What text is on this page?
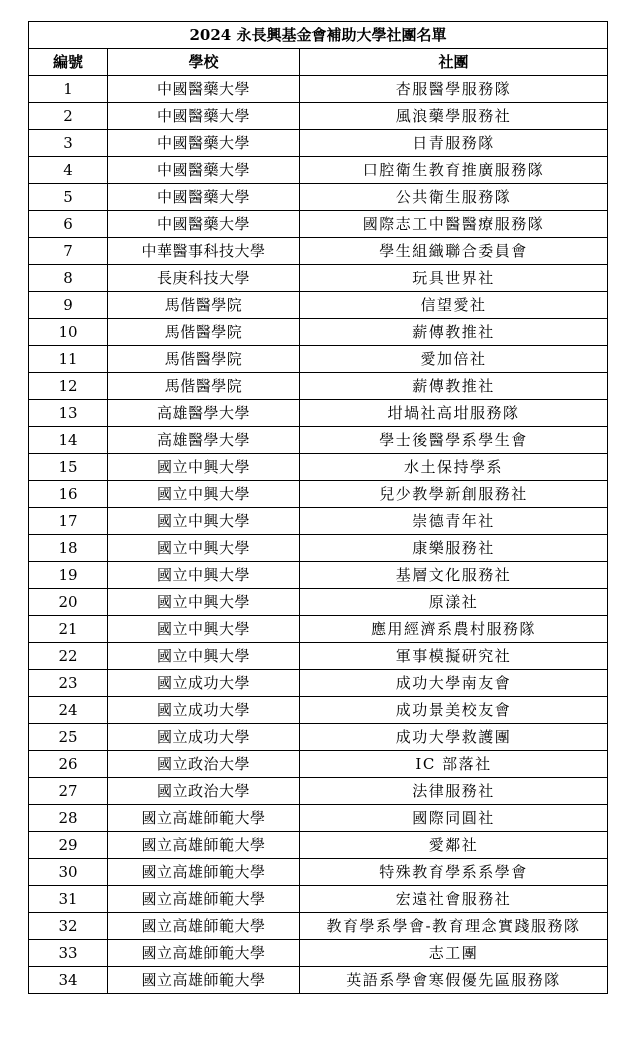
2024 永長興基金會補助大學社團名單		
編號	學校	社團
1	中國醫藥大學	杏服醫學服務隊
2	中國醫藥大學	風浪藥學服務社
3	中國醫藥大學	日青服務隊
4	中國醫藥大學	口腔衛生教育推廣服務隊
5	中國醫藥大學	公共衛生服務隊
6	中國醫藥大學	國際志工中醫醫療服務隊
7	中華醫事科技大學	學生組織聯合委員會
8	長庚科技大學	玩具世界社
9	馬偕醫學院	信望愛社
10	馬偕醫學院	薪傳教推社
11	馬偕醫學院	愛加倍社
12	馬偕醫學院	薪傳教推社
13	高雄醫學大學	坩堝社高坩服務隊
14	高雄醫學大學	學士後醫學系學生會
15	國立中興大學	水土保持學系
16	國立中興大學	兒少教學新創服務社
17	國立中興大學	崇德青年社
18	國立中興大學	康樂服務社
19	國立中興大學	基層文化服務社
20	國立中興大學	原漾社
21	國立中興大學	應用經濟系農村服務隊
22	國立中興大學	軍事模擬研究社
23	國立成功大學	成功大學南友會
24	國立成功大學	成功景美校友會
25	國立成功大學	成功大學救護團
26	國立政治大學	IC 部落社
27	國立政治大學	法律服務社
28	國立高雄師範大學	國際同圓社
29	國立高雄師範大學	愛鄰社
30	國立高雄師範大學	特殊教育學系系學會
31	國立高雄師範大學	宏遠社會服務社
32	國立高雄師範大學	教育學系學會-教育理念實踐服務隊
33	國立高雄師範大學	志工團
34	國立高雄師範大學	英語系學會寒假優先區服務隊
